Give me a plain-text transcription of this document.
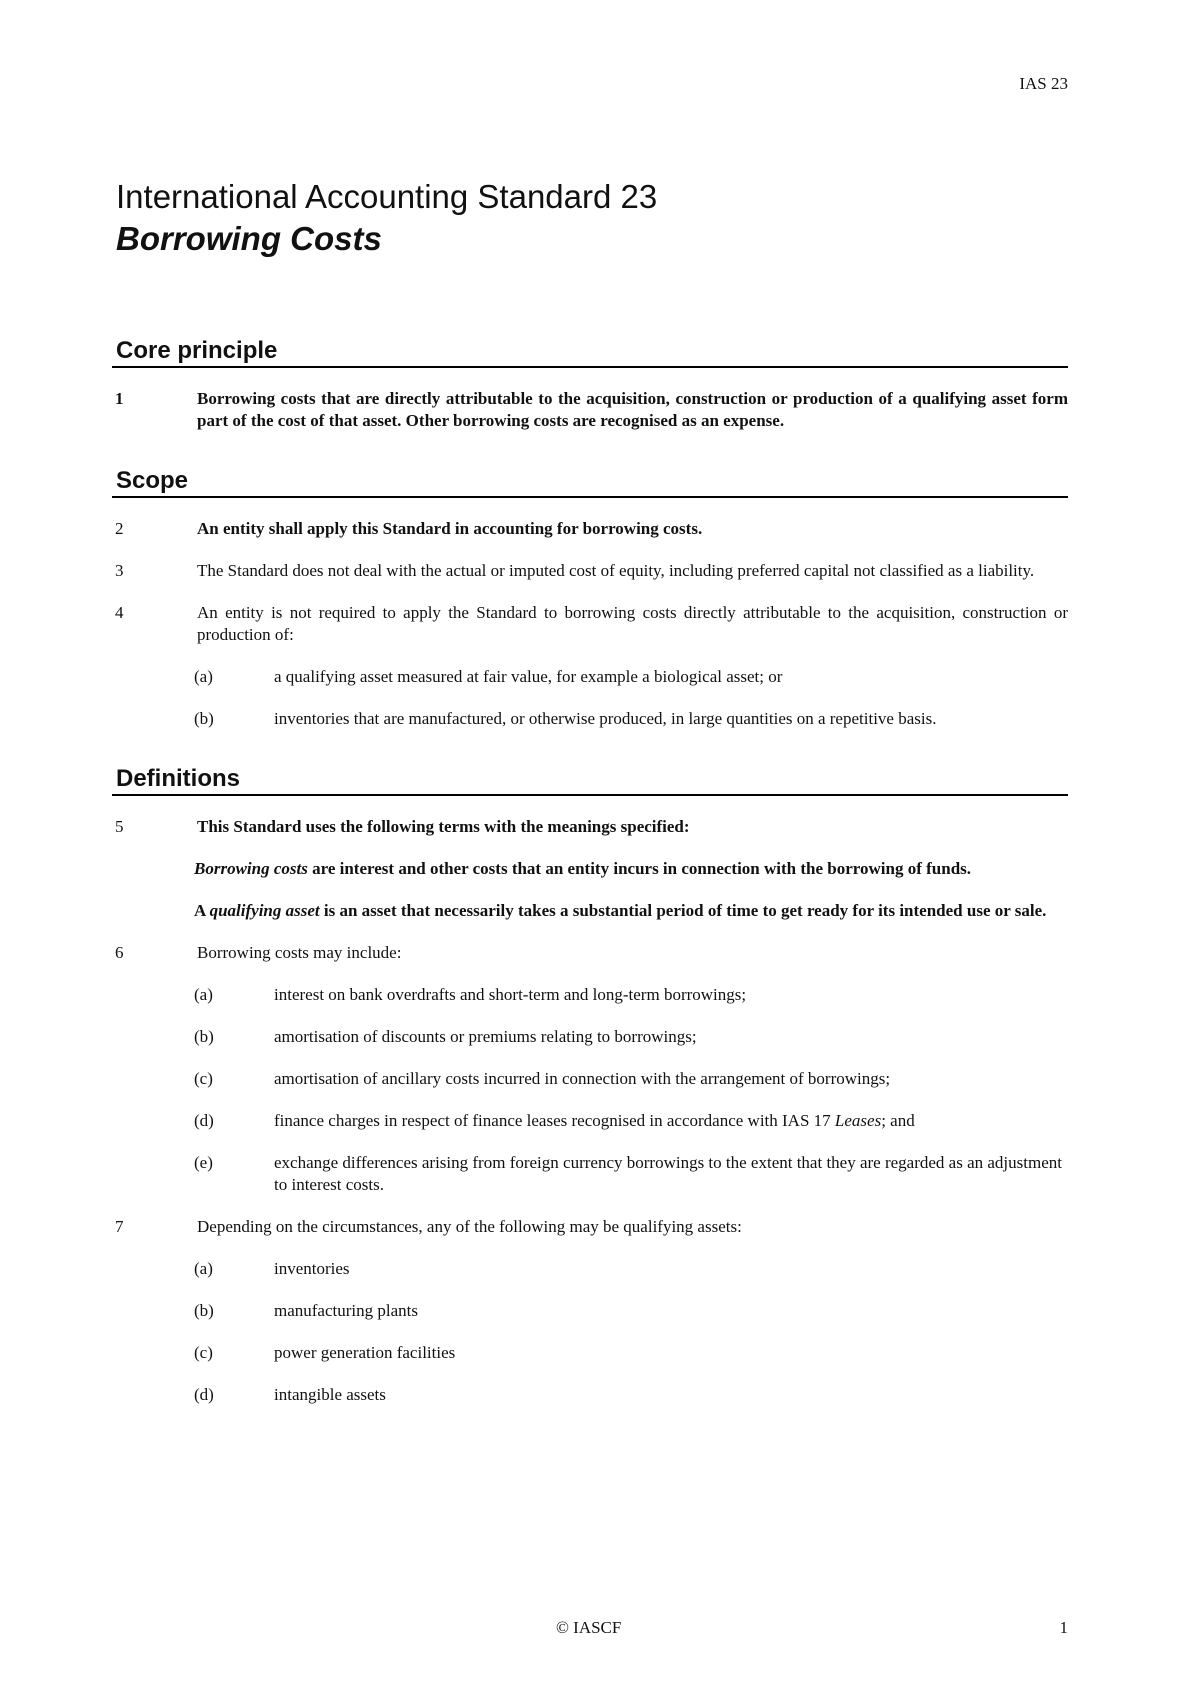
IAS 23
International Accounting Standard 23
Borrowing Costs
Core principle
1	Borrowing costs that are directly attributable to the acquisition, construction or production of a qualifying asset form part of the cost of that asset. Other borrowing costs are recognised as an expense.
Scope
2	An entity shall apply this Standard in accounting for borrowing costs.
3	The Standard does not deal with the actual or imputed cost of equity, including preferred capital not classified as a liability.
4	An entity is not required to apply the Standard to borrowing costs directly attributable to the acquisition, construction or production of:
(a)	a qualifying asset measured at fair value, for example a biological asset; or
(b)	inventories that are manufactured, or otherwise produced, in large quantities on a repetitive basis.
Definitions
5	This Standard uses the following terms with the meanings specified:
Borrowing costs are interest and other costs that an entity incurs in connection with the borrowing of funds.
A qualifying asset is an asset that necessarily takes a substantial period of time to get ready for its intended use or sale.
6	Borrowing costs may include:
(a)	interest on bank overdrafts and short-term and long-term borrowings;
(b)	amortisation of discounts or premiums relating to borrowings;
(c)	amortisation of ancillary costs incurred in connection with the arrangement of borrowings;
(d)	finance charges in respect of finance leases recognised in accordance with IAS 17 Leases; and
(e)	exchange differences arising from foreign currency borrowings to the extent that they are regarded as an adjustment to interest costs.
7	Depending on the circumstances, any of the following may be qualifying assets:
(a)	inventories
(b)	manufacturing plants
(c)	power generation facilities
(d)	intangible assets
© IASCF	1
